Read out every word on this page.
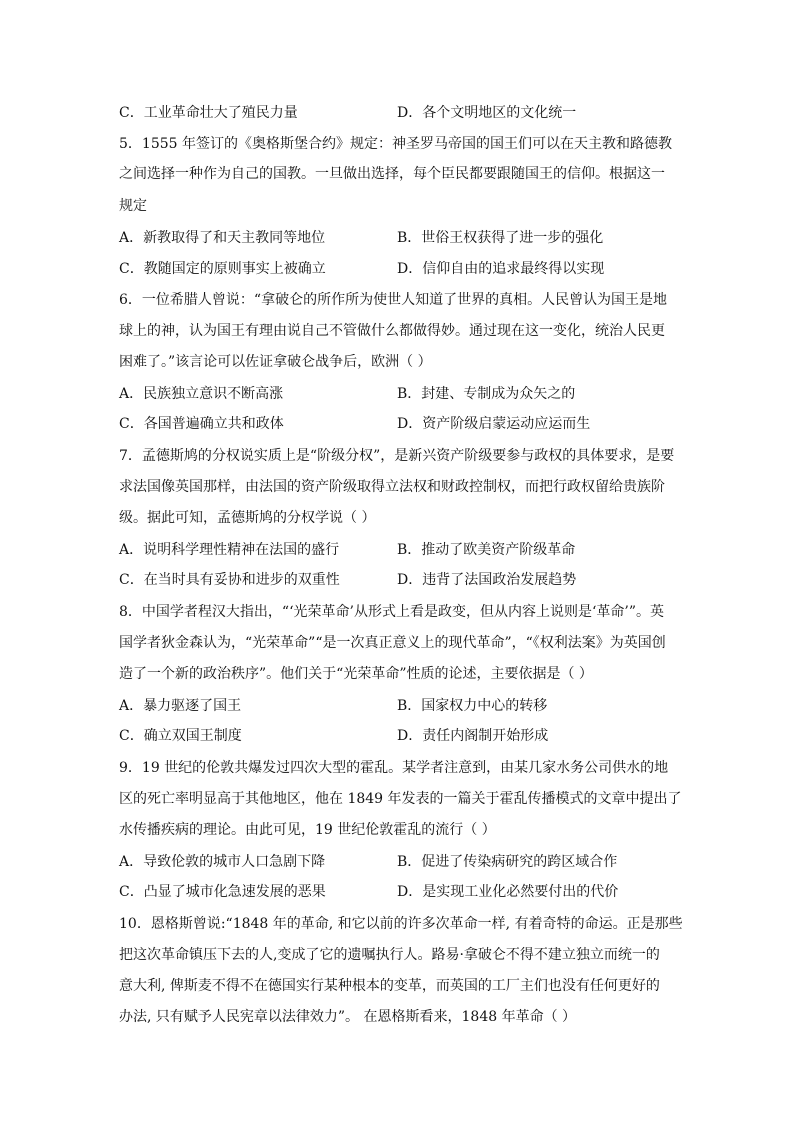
C．工业革命壮大了殖民力量	D．各个文明地区的文化统一
5．1555 年签订的《奥格斯堡合约》规定：神圣罗马帝国的国王们可以在天主教和路德教
之间选择一种作为自己的国教。一旦做出选择，每个臣民都要跟随国王的信仰。根据这一
规定
A．新教取得了和天主教同等地位	B．世俗王权获得了进一步的强化
C．教随国定的原则事实上被确立	D．信仰自由的追求最终得以实现
6．一位希腊人曾说：“拿破仑的所作所为使世人知道了世界的真相。人民曾认为国王是地
球上的神，认为国王有理由说自己不管做什么都做得妙。通过现在这一变化，统治人民更
困难了。”该言论可以佐证拿破仑战争后，欧洲（ ）
A．民族独立意识不断高涨	B．封建、专制成为众矢之的
C．各国普遍确立共和政体	D．资产阶级启蒙运动应运而生
7．孟德斯鸠的分权说实质上是“阶级分权”，是新兴资产阶级要参与政权的具体要求，是要
求法国像英国那样，由法国的资产阶级取得立法权和财政控制权，而把行政权留给贵族阶
级。据此可知，孟德斯鸠的分权学说（ ）
A．说明科学理性精神在法国的盛行	B．推动了欧美资产阶级革命
C．在当时具有妥协和进步的双重性	D．违背了法国政治发展趋势
8．中国学者程汉大指出，“‘光荣革命’从形式上看是政变，但从内容上说则是‘革命’”。英
国学者狄金森认为，“光荣革命”“是一次真正意义上的现代革命”，“《权利法案》为英国创
造了一个新的政治秩序”。他们关于“光荣革命”性质的论述，主要依据是（ ）
A．暴力驱逐了国王	B．国家权力中心的转移
C．确立双国王制度	D．责任内阁制开始形成
9．19 世纪的伦敦共爆发过四次大型的霍乱。某学者注意到，由某几家水务公司供水的地
区的死亡率明显高于其他地区，他在 1849 年发表的一篇关于霍乱传播模式的文章中提出了
水传播疾病的理论。由此可见，19 世纪伦敦霍乱的流行（ ）
A．导致伦敦的城市人口急剧下降	B．促进了传染病研究的跨区域合作
C．凸显了城市化急速发展的恶果	D．是实现工业化必然要付出的代价
10．恩格斯曾说:“1848 年的革命, 和它以前的许多次革命一样, 有着奇特的命运。正是那些
把这次革命镇压下去的人,变成了它的遗嘱执行人。路易·拿破仑不得不建立独立而统一的
意大利, 俾斯麦不得不在德国实行某种根本的变革，而英国的工厂主们也没有任何更好的
办法, 只有赋予人民宪章以法律效力”。 在恩格斯看来，1848 年革命（ ）
